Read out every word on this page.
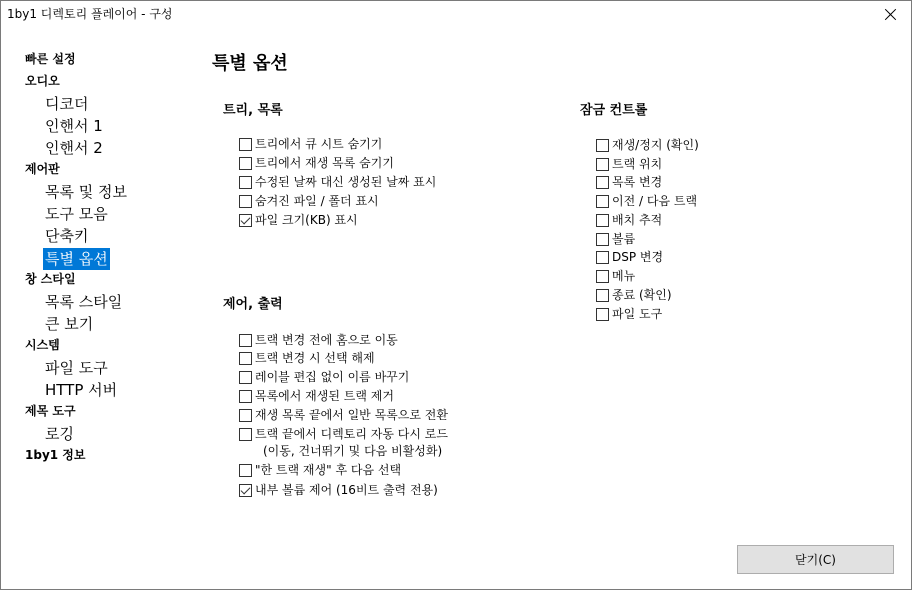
1by1 디렉토리 플레이어 - 구성
빠른 설정
오디오
디코더
인핸서 1
인핸서 2
제어판
목록 및 정보
도구 모음
단축키
특별 옵션
창 스타일
목록 스타일
큰 보기
시스템
파일 도구
HTTP 서버
제목 도구
로깅
1by1 정보
특별 옵션
트리, 목록
트리에서 큐 시트 숨기기
트리에서 재생 목록 숨기기
수정된 날짜 대신 생성된 날짜 표시
숨겨진 파일 / 폴더 표시
파일 크기(KB) 표시
제어, 출력
트랙 변경 전에 홈으로 이동
트랙 변경 시 선택 해제
레이블 편집 없이 이름 바꾸기
목록에서 재생된 트랙 제거
재생 목록 끝에서 일반 목록으로 전환
트랙 끝에서 디렉토리 자동 다시 로드
(이동, 건너뛰기 및 다음 비활성화)
"한 트랙 재생" 후 다음 선택
내부 볼륨 제어 (16비트 출력 전용)
잠금 컨트롤
재생/정지 (확인)
트랙 위치
목록 변경
이전 / 다음 트랙
배치 추적
볼륨
DSP 변경
메뉴
종료 (확인)
파일 도구
닫기(C)
